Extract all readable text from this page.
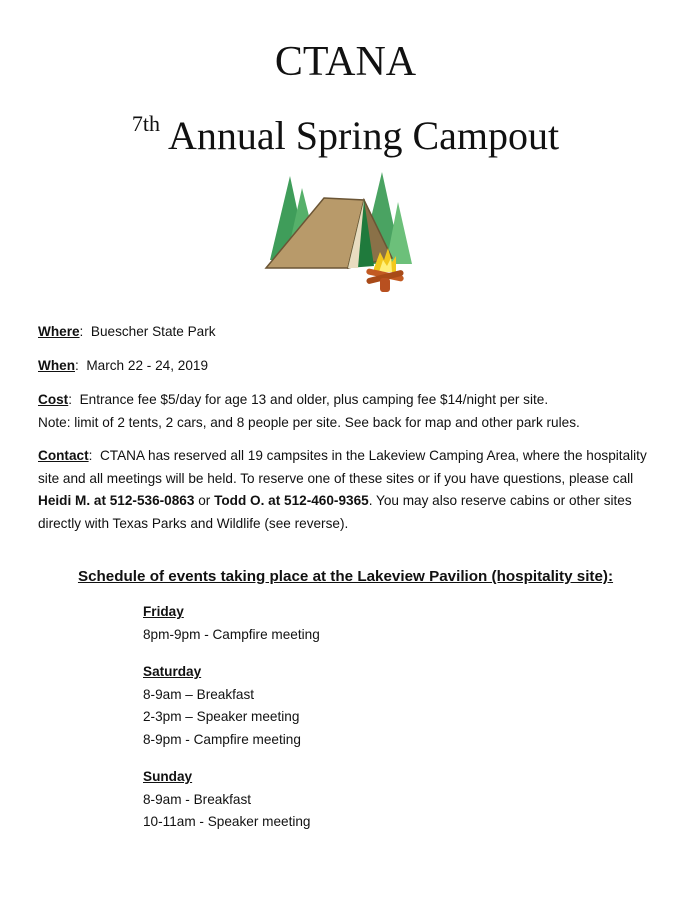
CTANA
$^{7th}$ Annual Spring Campout
Where:  Buescher State Park
When:  March 22 - 24, 2019
Cost:  Entrance fee $5/day for age 13 and older, plus camping fee $14/night per site.
Note: limit of 2 tents, 2 cars, and 8 people per site. See back for map and other park rules.
Contact:  CTANA has reserved all 19 campsites in the Lakeview Camping Area, where the hospitality site and all meetings will be held. To reserve one of these sites or if you have questions, please call Heidi M. at 512-536-0863 or Todd O. at 512-460-9365. You may also reserve cabins or other sites directly with Texas Parks and Wildlife (see reverse).
Schedule of events taking place at the Lakeview Pavilion (hospitality site):
Friday
8pm-9pm - Campfire meeting
Saturday
8-9am – Breakfast
2-3pm – Speaker meeting
8-9pm - Campfire meeting
Sunday
8-9am - Breakfast
10-11am - Speaker meeting
